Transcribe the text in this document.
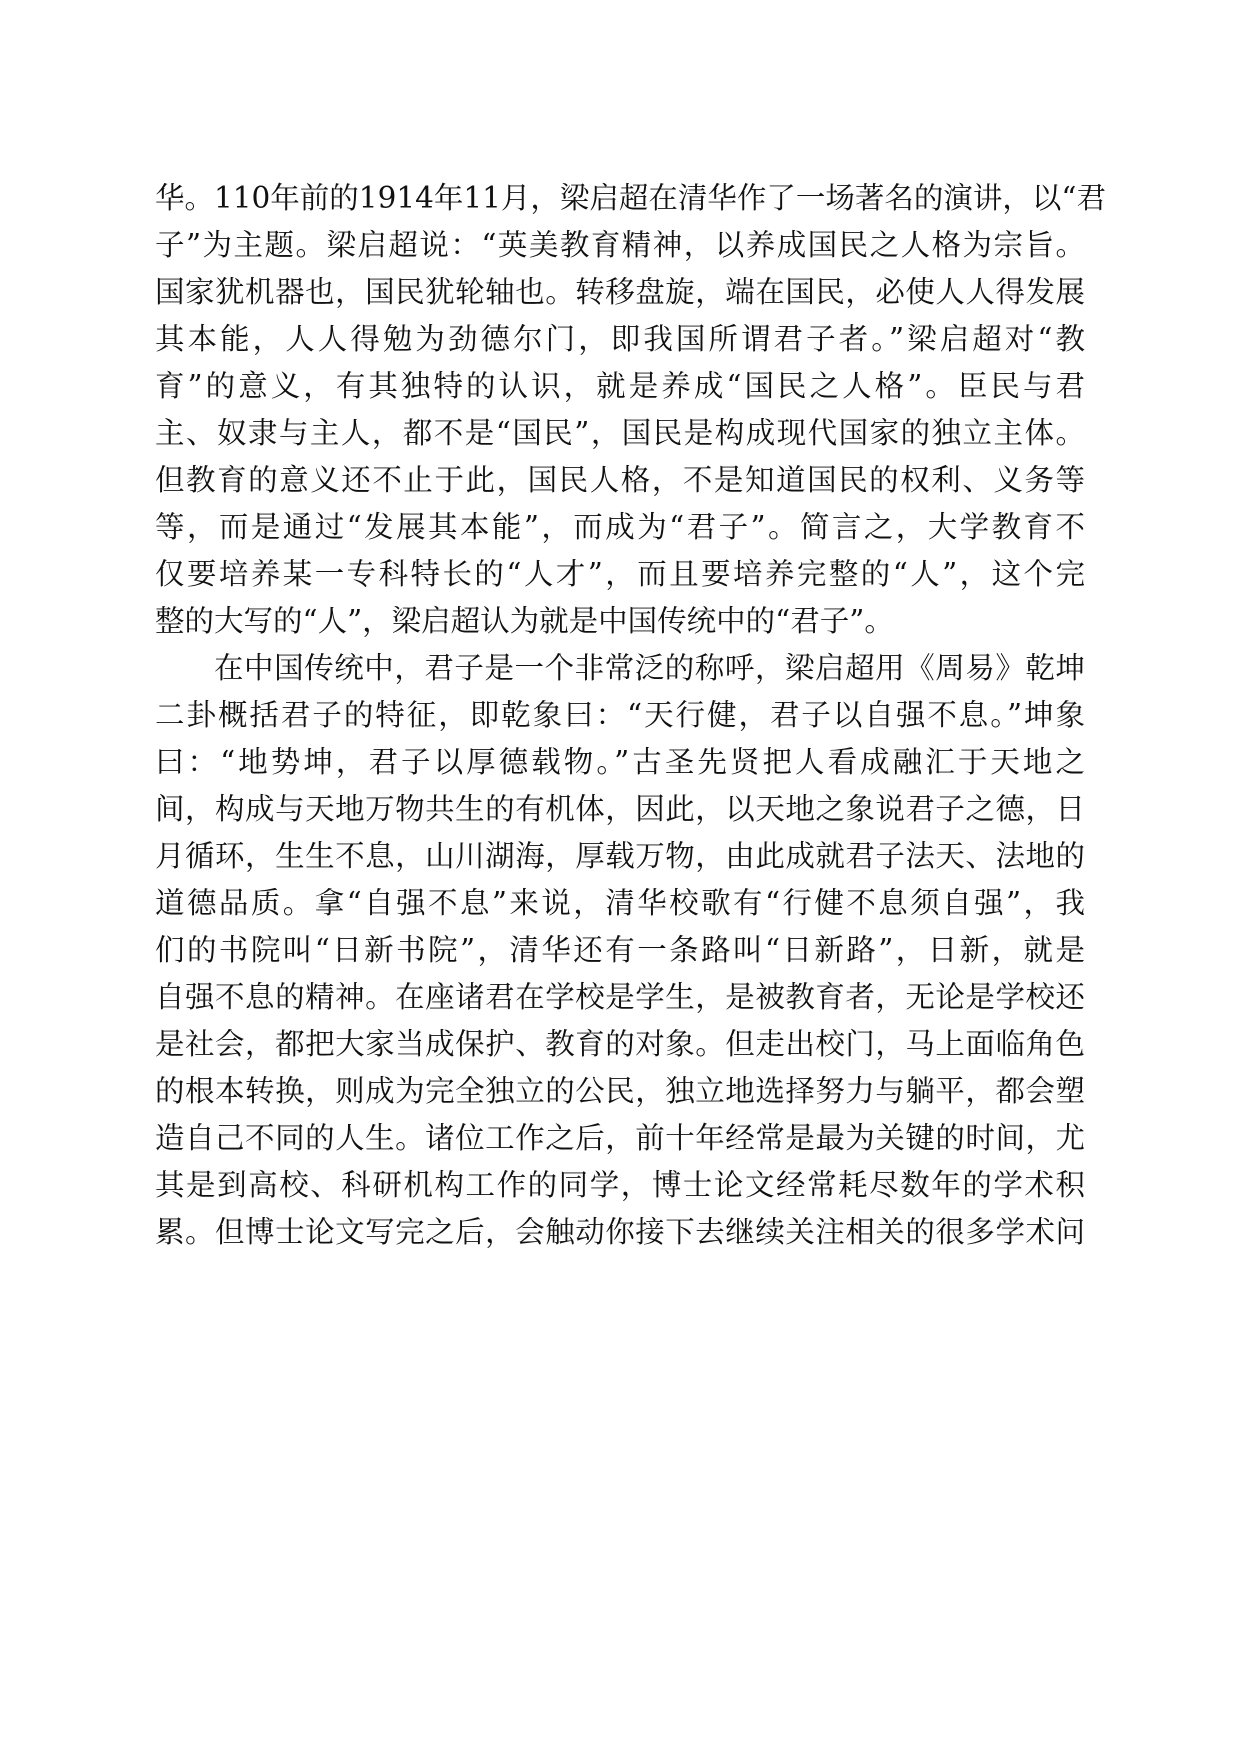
华。110年前的1914年11月，梁启超在清华作了一场著名的演讲，以“君
子”为主题。梁启超说：“英美教育精神，以养成国民之人格为宗旨。
国家犹机器也，国民犹轮轴也。转移盘旋，端在国民，必使人人得发展
其本能，人人得勉为劲德尔门，即我国所谓君子者。”梁启超对“教
育”的意义，有其独特的认识，就是养成“国民之人格”。臣民与君
主、奴隶与主人，都不是“国民”，国民是构成现代国家的独立主体。
但教育的意义还不止于此，国民人格，不是知道国民的权利、义务等
等，而是通过“发展其本能”，而成为“君子”。简言之，大学教育不
仅要培养某一专科特长的“人才”，而且要培养完整的“人”，这个完
整的大写的“人”，梁启超认为就是中国传统中的“君子”。
在中国传统中，君子是一个非常泛的称呼，梁启超用《周易》乾坤
二卦概括君子的特征，即乾象曰：“天行健，君子以自强不息。”坤象
曰：“地势坤，君子以厚德载物。”古圣先贤把人看成融汇于天地之
间，构成与天地万物共生的有机体，因此，以天地之象说君子之德，日
月循环，生生不息，山川湖海，厚载万物，由此成就君子法天、法地的
道德品质。拿“自强不息”来说，清华校歌有“行健不息须自强”，我
们的书院叫“日新书院”，清华还有一条路叫“日新路”，日新，就是
自强不息的精神。在座诸君在学校是学生，是被教育者，无论是学校还
是社会，都把大家当成保护、教育的对象。但走出校门，马上面临角色
的根本转换，则成为完全独立的公民，独立地选择努力与躺平，都会塑
造自己不同的人生。诸位工作之后，前十年经常是最为关键的时间，尤
其是到高校、科研机构工作的同学，博士论文经常耗尽数年的学术积
累。但博士论文写完之后，会触动你接下去继续关注相关的很多学术问
